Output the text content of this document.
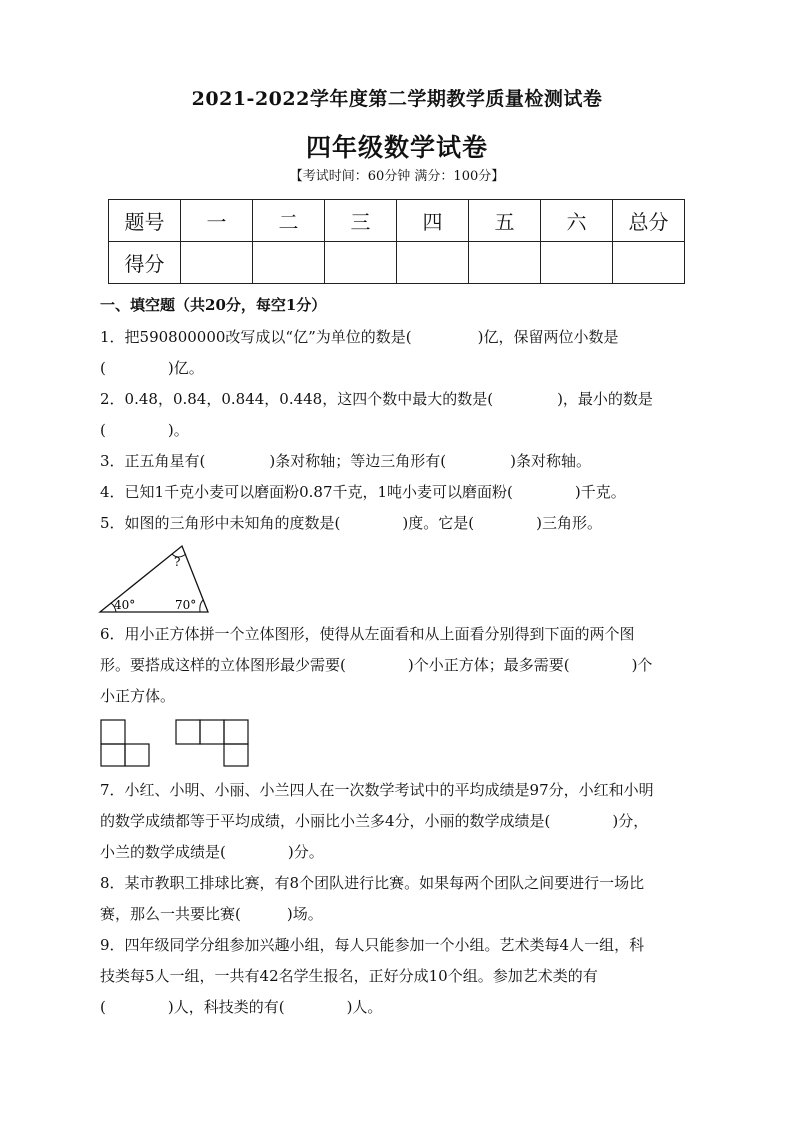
2021-2022学年度第二学期教学质量检测试卷
四年级数学试卷
【考试时间：60分钟 满分：100分】
题号	一	二	三	四	五	六	总分
得分							
一、填空题（共20分，每空1分）
1．把590800000改写成以“亿”为单位的数是(	)亿，保留两位小数是
(	)亿。
2．0.48，0.84，0.844，0.448，这四个数中最大的数是(	)，最小的数是
(	)。
3．正五角星有(	)条对称轴；等边三角形有(	)条对称轴。
4．已知1千克小麦可以磨面粉0.87千克，1吨小麦可以磨面粉(	)千克。
5．如图的三角形中未知角的度数是(	)度。它是(	)三角形。
?
40°	70°
6．用小正方体拼一个立体图形，使得从左面看和从上面看分别得到下面的两个图
形。要搭成这样的立体图形最少需要(	)个小正方体；最多需要(	)个
小正方体。
7．小红、小明、小丽、小兰四人在一次数学考试中的平均成绩是97分，小红和小明
的数学成绩都等于平均成绩，小丽比小兰多4分，小丽的数学成绩是(	)分，
小兰的数学成绩是(	)分。
8．某市教职工排球比赛，有8个团队进行比赛。如果每两个团队之间要进行一场比
赛，那么一共要比赛(	)场。
9．四年级同学分组参加兴趣小组，每人只能参加一个小组。艺术类每4人一组，科
技类每5人一组，一共有42名学生报名，正好分成10个组。参加艺术类的有
(	)人，科技类的有(	)人。
